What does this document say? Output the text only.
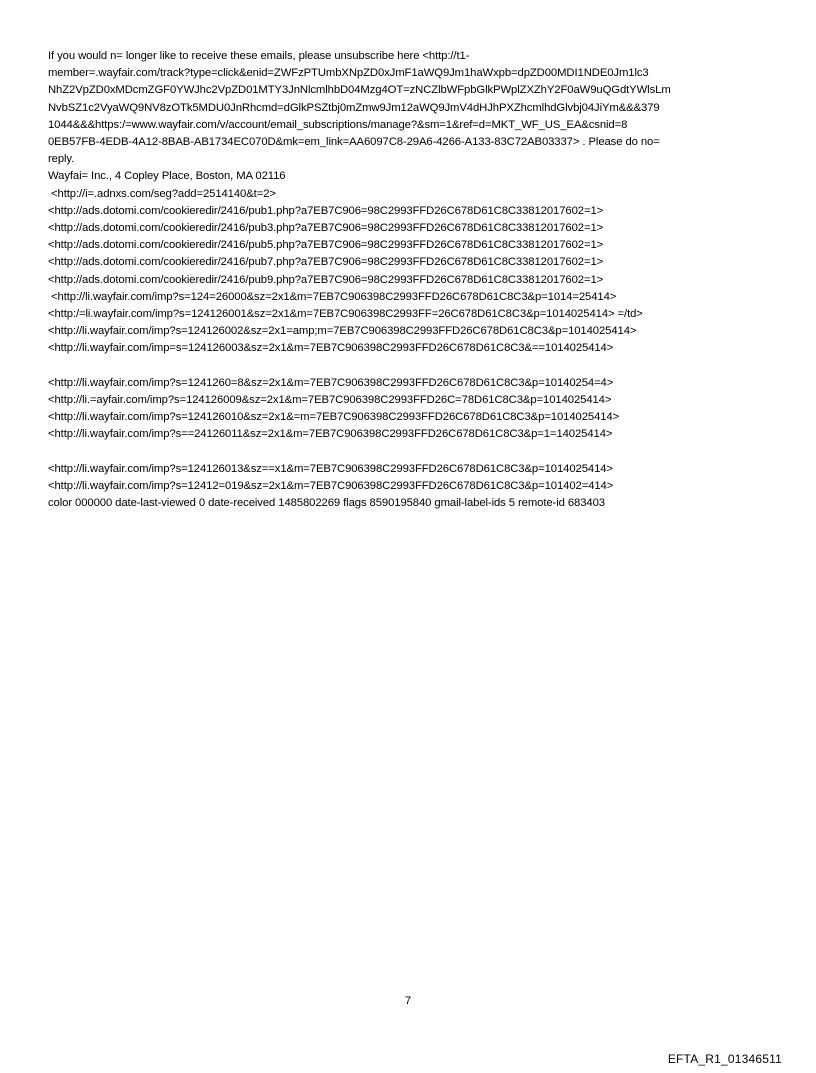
If you would n= longer like to receive these emails, please unsubscribe here <http://t1-
member=.wayfair.com/track?type=click&enid=ZWFzPTUmbXNpZD0xJmF1aWQ9Jm1haWxpb=dpZD00MDI1NDE0Jm1lc3
NhZ2VpZD0xMDcmZGF0YWJhc2VpZD01MTY3JnNlcmlhbD04Mzg4OT=zNCZlbWFpbGlkPWplZXZhY2F0aW9uQGdtYWlsLm
NvbSZ1c2VyaWQ9NV8zOTk5MDU0JnRhcmd=dGlkPSZtbj0mZmw9Jm12aWQ9JmV4dHJhPXZhcmlhdGlvbj04JiYm&&&379
1044&&&https:/=www.wayfair.com/v/account/email_subscriptions/manage?&sm=1&ref=d=MKT_WF_US_EA&csnid=8
0EB57FB-4EDB-4A12-8BAB-AB1734EC070D&mk=em_link=AA6097C8-29A6-4266-A133-83C72AB03337> . Please do no=
reply.
Wayfai= Inc., 4 Copley Place, Boston, MA 02116
<http://i=.adnxs.com/seg?add=2514140&t=2>
<http://ads.dotomi.com/cookieredir/2416/pub1.php?a7EB7C906=98C2993FFD26C678D61C8C33812017602=1>
<http://ads.dotomi.com/cookieredir/2416/pub3.php?a7EB7C906=98C2993FFD26C678D61C8C33812017602=1>
<http://ads.dotomi.com/cookieredir/2416/pub5.php?a7EB7C906=98C2993FFD26C678D61C8C33812017602=1>
<http://ads.dotomi.com/cookieredir/2416/pub7.php?a7EB7C906=98C2993FFD26C678D61C8C33812017602=1>
<http://ads.dotomi.com/cookieredir/2416/pub9.php?a7EB7C906=98C2993FFD26C678D61C8C33812017602=1>
<http://li.wayfair.com/imp?s=124=26000&sz=2x1&m=7EB7C906398C2993FFD26C678D61C8C3&p=1014=25414>
<http:/=li.wayfair.com/imp?s=124126001&sz=2x1&m=7EB7C906398C2993FF=26C678D61C8C3&p=1014025414> =/td>
<http://li.wayfair.com/imp?s=124126002&sz=2x1=amp;m=7EB7C906398C2993FFD26C678D61C8C3&p=1014025414>
<http://li.wayfair.com/imp=s=124126003&sz=2x1&m=7EB7C906398C2993FFD26C678D61C8C3&==1014025414>
<http://li.wayfair.com/imp?s=1241260=8&sz=2x1&m=7EB7C906398C2993FFD26C678D61C8C3&p=10140254=4>
<http://li.=ayfair.com/imp?s=124126009&sz=2x1&m=7EB7C906398C2993FFD26C=78D61C8C3&p=1014025414>
<http://li.wayfair.com/imp?s=124126010&sz=2x1&=m=7EB7C906398C2993FFD26C678D61C8C3&p=1014025414>
<http://li.wayfair.com/imp?s==24126011&sz=2x1&m=7EB7C906398C2993FFD26C678D61C8C3&p=1=14025414>
<http://li.wayfair.com/imp?s=124126013&sz==x1&m=7EB7C906398C2993FFD26C678D61C8C3&p=1014025414>
<http://li.wayfair.com/imp?s=12412=019&sz=2x1&m=7EB7C906398C2993FFD26C678D61C8C3&p=101402=414>
color 000000 date-last-viewed 0 date-received 1485802269 flags 8590195840 gmail-label-ids 5 remote-id 683403
7
EFTA_R1_01346511
